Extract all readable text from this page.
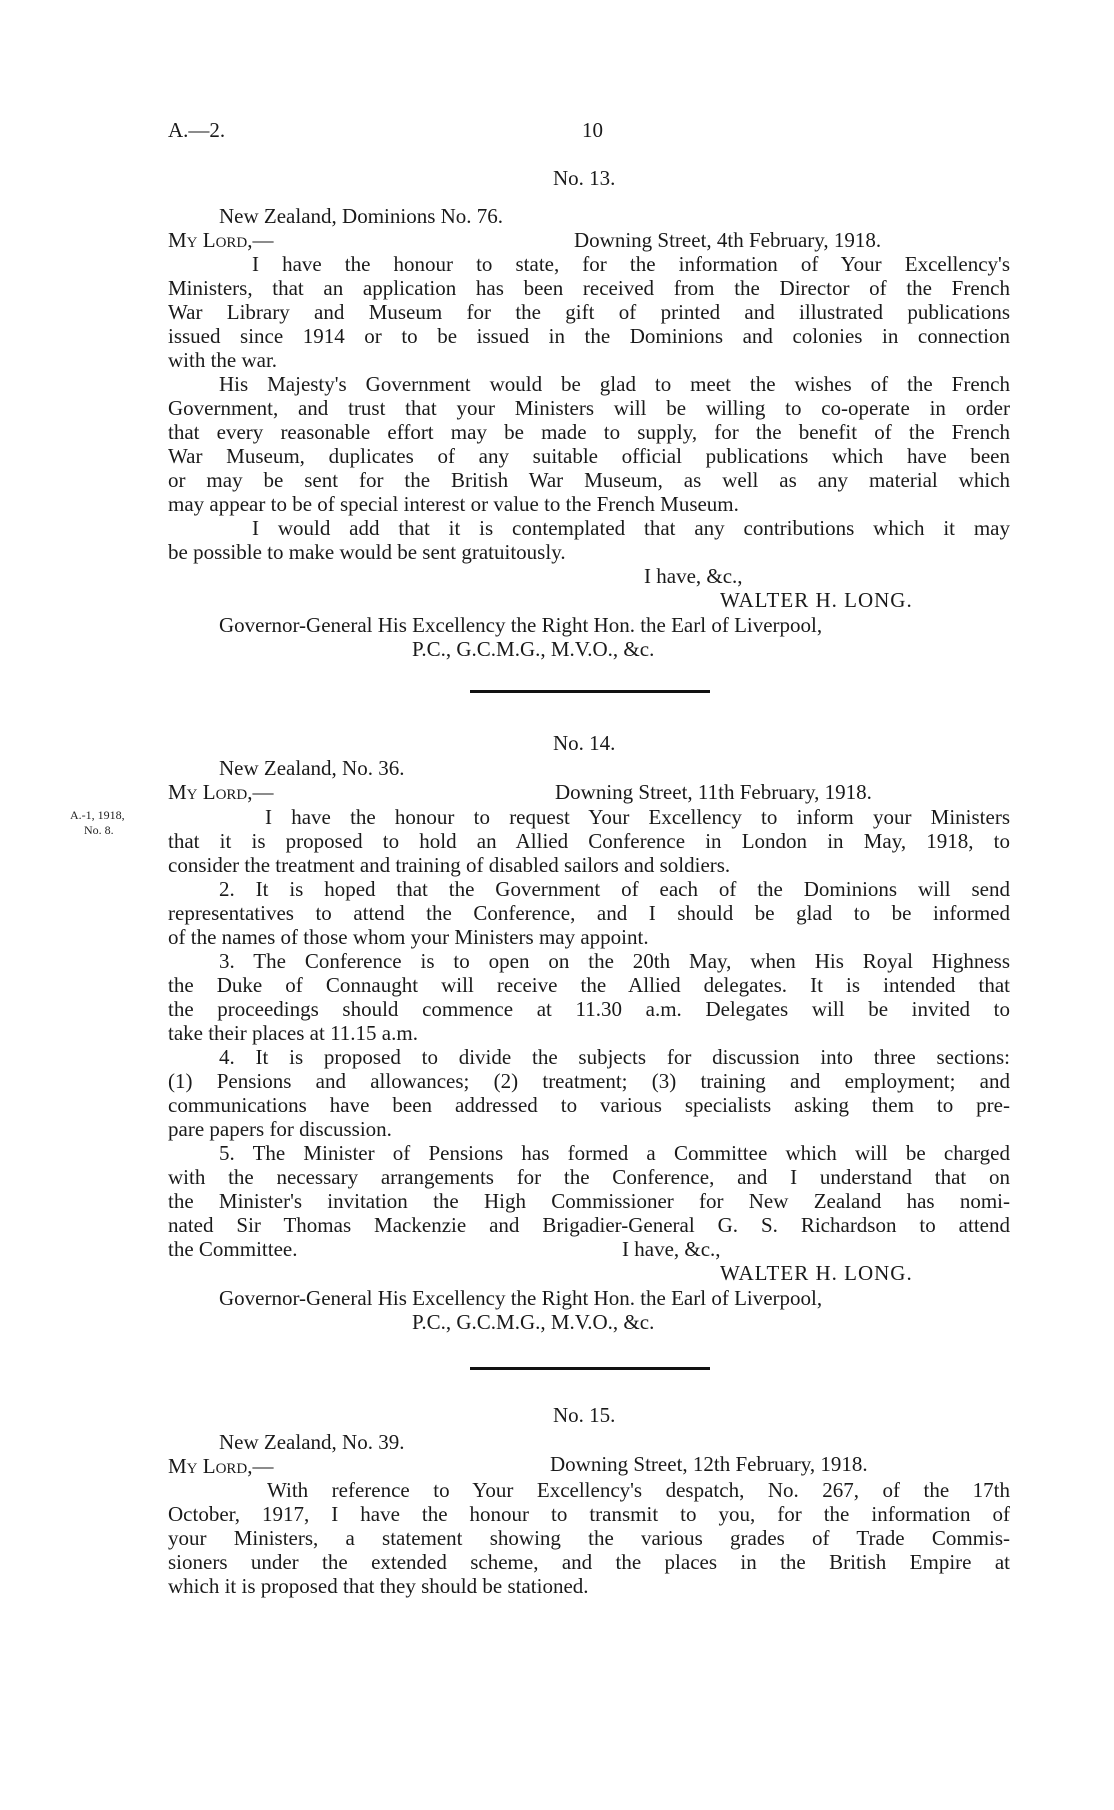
A.—2.	10
No. 13.
New Zealand, Dominions No. 76.
My Lord,—	Downing Street, 4th February, 1918.
I have the honour to state, for the information of Your Excellency's
Ministers, that an application has been received from the Director of the French
War Library and Museum for the gift of printed and illustrated publications
issued since 1914 or to be issued in the Dominions and colonies in connection
with the war.
His Majesty's Government would be glad to meet the wishes of the French
Government, and trust that your Ministers will be willing to co-operate in order
that every reasonable effort may be made to supply, for the benefit of the French
War Museum, duplicates of any suitable official publications which have been
or may be sent for the British War Museum, as well as any material which
may appear to be of special interest or value to the French Museum.
I would add that it is contemplated that any contributions which it may
be possible to make would be sent gratuitously.
I have, &c.,
WALTER H. LONG.
Governor-General His Excellency the Right Hon. the Earl of Liverpool,
P.C., G.C.M.G., M.V.O., &c.
No. 14.
New Zealand, No. 36.
My Lord,—	Downing Street, 11th February, 1918.
A.-1, 1918,
No. 8.
I have the honour to request Your Excellency to inform your Ministers
that it is proposed to hold an Allied Conference in London in May, 1918, to
consider the treatment and training of disabled sailors and soldiers.
2. It is hoped that the Government of each of the Dominions will send
representatives to attend the Conference, and I should be glad to be informed
of the names of those whom your Ministers may appoint.
3. The Conference is to open on the 20th May, when His Royal Highness
the Duke of Connaught will receive the Allied delegates. It is intended that
the proceedings should commence at 11.30 a.m. Delegates will be invited to
take their places at 11.15 a.m.
4. It is proposed to divide the subjects for discussion into three sections:
(1) Pensions and allowances; (2) treatment; (3) training and employment; and
communications have been addressed to various specialists asking them to pre-
pare papers for discussion.
5. The Minister of Pensions has formed a Committee which will be charged
with the necessary arrangements for the Conference, and I understand that on
the Minister's invitation the High Commissioner for New Zealand has nomi-
nated Sir Thomas Mackenzie and Brigadier-General G. S. Richardson to attend
the Committee.	I have, &c.,
WALTER H. LONG.
Governor-General His Excellency the Right Hon. the Earl of Liverpool,
P.C., G.C.M.G., M.V.O., &c.
No. 15.
New Zealand, No. 39.
My Lord,—	Downing Street, 12th February, 1918.
With reference to Your Excellency's despatch, No. 267, of the 17th
October, 1917, I have the honour to transmit to you, for the information of
your Ministers, a statement showing the various grades of Trade Commis-
sioners under the extended scheme, and the places in the British Empire at
which it is proposed that they should be stationed.
